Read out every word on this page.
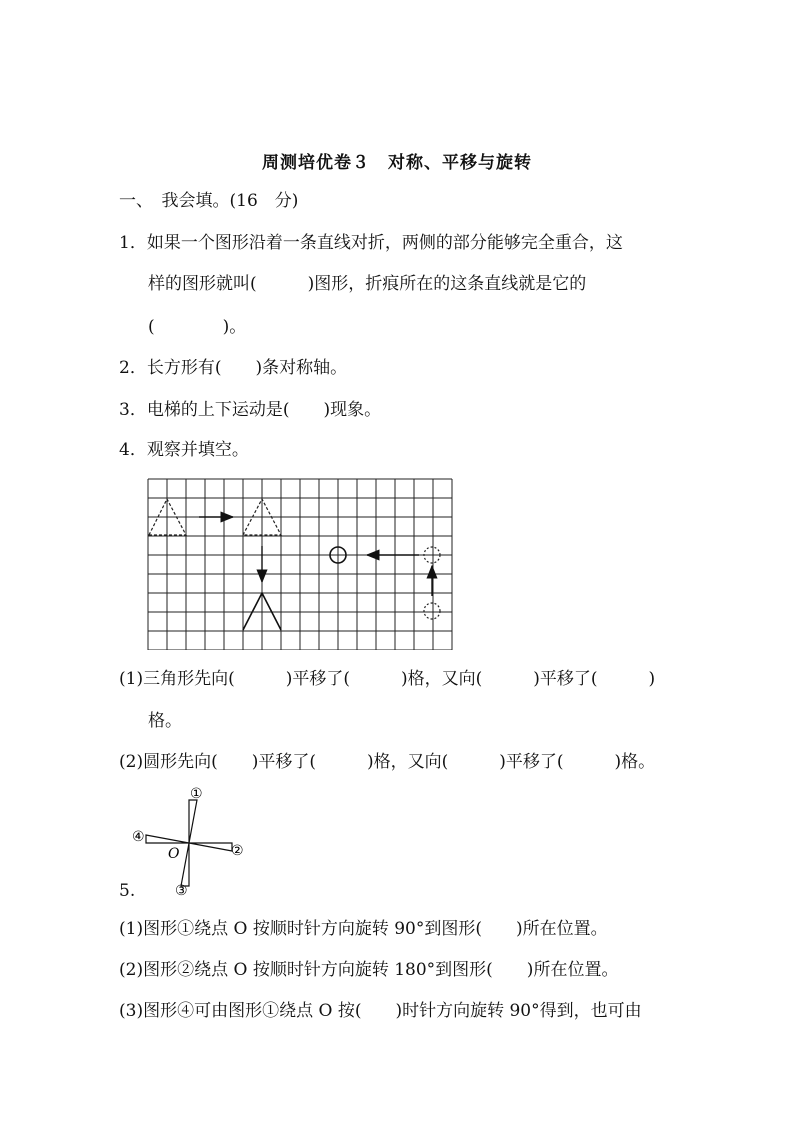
周测培优卷３　对称、平移与旋转
一、　我会填。(16　分)
1．如果一个图形沿着一条直线对折，两侧的部分能够完全重合，这
样的图形就叫(　　　)图形，折痕所在的这条直线就是它的
(　　　　)。
2．长方形有(　　)条对称轴。
3．电梯的上下运动是(　　)现象。
4．观察并填空。
(1)三角形先向(　　　)平移了(　　　)格，又向(　　　)平移了(　　　)
格。
(2)圆形先向(　　)平移了(　　　)格，又向(　　　)平移了(　　　)格。
①
②
③
④
O
5.
(1)图形①绕点 O 按顺时针方向旋转 90°到图形(　　)所在位置。
(2)图形②绕点 O 按顺时针方向旋转 180°到图形(　　)所在位置。
(3)图形④可由图形①绕点 O 按(　　)时针方向旋转 90°得到，也可由
